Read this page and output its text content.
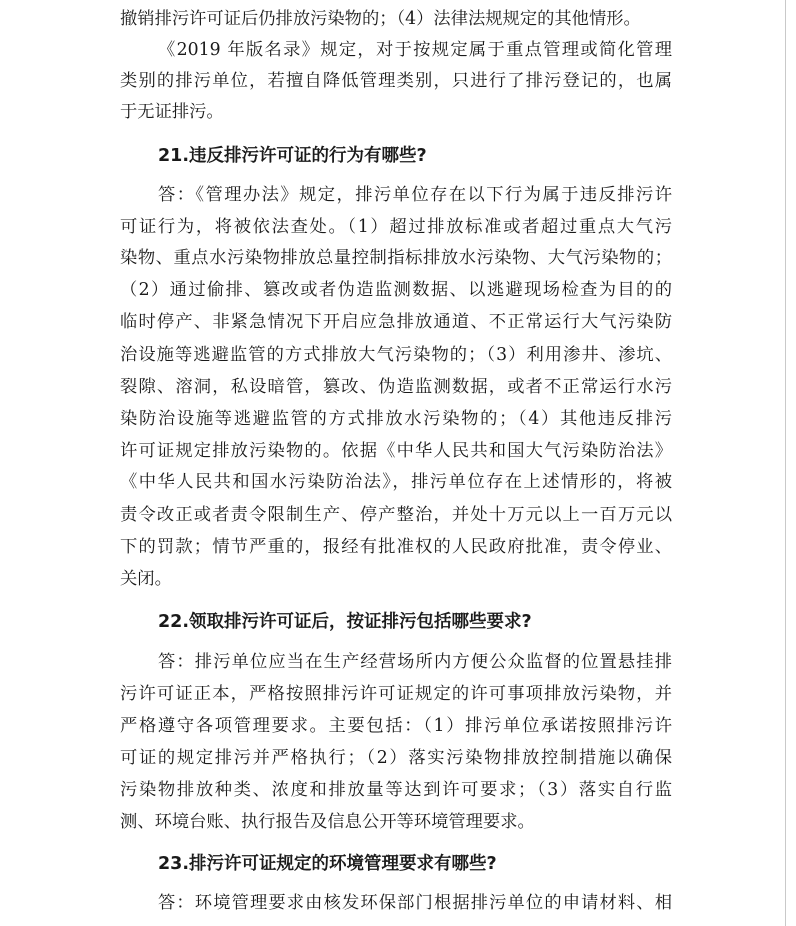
撤销排污许可证后仍排放污染物的；（4）法律法规规定的其他情形。
《2019 年版名录》规定，对于按规定属于重点管理或简化管理
类别的排污单位，若擅自降低管理类别，只进行了排污登记的，也属
于无证排污。
21.违反排污许可证的行为有哪些?
答：《管理办法》规定，排污单位存在以下行为属于违反排污许
可证行为，将被依法查处。（1）超过排放标准或者超过重点大气污
染物、重点水污染物排放总量控制指标排放水污染物、大气污染物的；
（2）通过偷排、篡改或者伪造监测数据、以逃避现场检查为目的的
临时停产、非紧急情况下开启应急排放通道、不正常运行大气污染防
治设施等逃避监管的方式排放大气污染物的；（3）利用渗井、渗坑、
裂隙、溶洞，私设暗管，篡改、伪造监测数据，或者不正常运行水污
染防治设施等逃避监管的方式排放水污染物的；（4）其他违反排污
许可证规定排放污染物的。依据《中华人民共和国大气污染防治法》
《中华人民共和国水污染防治法》，排污单位存在上述情形的，将被
责令改正或者责令限制生产、停产整治，并处十万元以上一百万元以
下的罚款；情节严重的，报经有批准权的人民政府批准，责令停业、
关闭。
22.领取排污许可证后，按证排污包括哪些要求?
答：排污单位应当在生产经营场所内方便公众监督的位置悬挂排
污许可证正本，严格按照排污许可证规定的许可事项排放污染物，并
严格遵守各项管理要求。主要包括：（1）排污单位承诺按照排污许
可证的规定排污并严格执行；（2）落实污染物排放控制措施以确保
污染物排放种类、浓度和排放量等达到许可要求；（3）落实自行监
测、环境台账、执行报告及信息公开等环境管理要求。
23.排污许可证规定的环境管理要求有哪些?
答：环境管理要求由核发环保部门根据排污单位的申请材料、相
